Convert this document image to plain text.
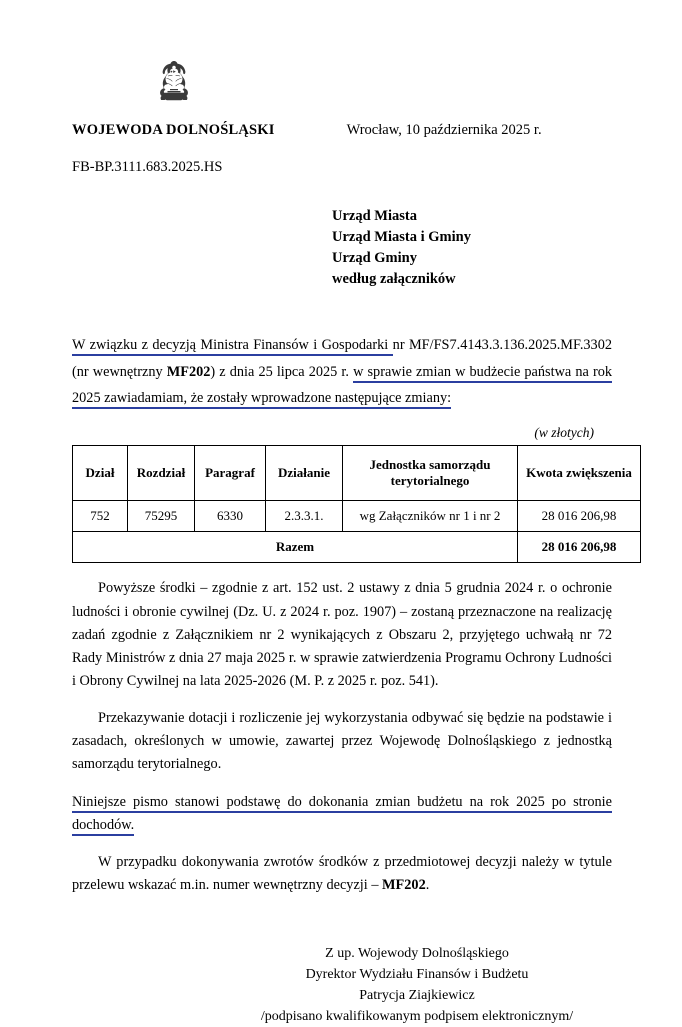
WOJEWODA DOLNOŚLĄSKI	Wrocław, 10 października 2025 r.
FB-BP.3111.683.2025.HS
Urząd Miasta
Urząd Miasta i Gminy
Urząd Gminy
według załączników
W związku z decyzją Ministra Finansów i Gospodarki nr MF/FS7.4143.3.136.2025.MF.3302 (nr wewnętrzny MF202) z dnia 25 lipca 2025 r. w sprawie zmian w budżecie państwa na rok 2025 zawiadamiam, że zostały wprowadzone następujące zmiany:
(w złotych)
Dział	Rozdział	Paragraf	Działanie	Jednostka samorządu terytorialnego	Kwota zwiększenia
752	75295	6330	2.3.3.1.	wg Załączników nr 1 i nr 2	28 016 206,98
Razem					28 016 206,98
Powyższe środki – zgodnie z art. 152 ust. 2 ustawy z dnia 5 grudnia 2024 r. o ochronie ludności i obronie cywilnej (Dz. U. z 2024 r. poz. 1907) – zostaną przeznaczone na realizację zadań zgodnie z Załącznikiem nr 2 wynikających z Obszaru 2, przyjętego uchwałą nr 72 Rady Ministrów z dnia 27 maja 2025 r. w sprawie zatwierdzenia Programu Ochrony Ludności i Obrony Cywilnej na lata 2025-2026 (M. P. z 2025 r. poz. 541).
Przekazywanie dotacji i rozliczenie jej wykorzystania odbywać się będzie na podstawie i zasadach, określonych w umowie, zawartej przez Wojewodę Dolnośląskiego z jednostką samorządu terytorialnego.
Niniejsze pismo stanowi podstawę do dokonania zmian budżetu na rok 2025 po stronie dochodów.
W przypadku dokonywania zwrotów środków z przedmiotowej decyzji należy w tytule przelewu wskazać m.in. numer wewnętrzny decyzji – MF202.
Z up. Wojewody Dolnośląskiego
Dyrektor Wydziału Finansów i Budżetu
Patrycja Ziajkiewicz
/podpisano kwalifikowanym podpisem elektronicznym/
